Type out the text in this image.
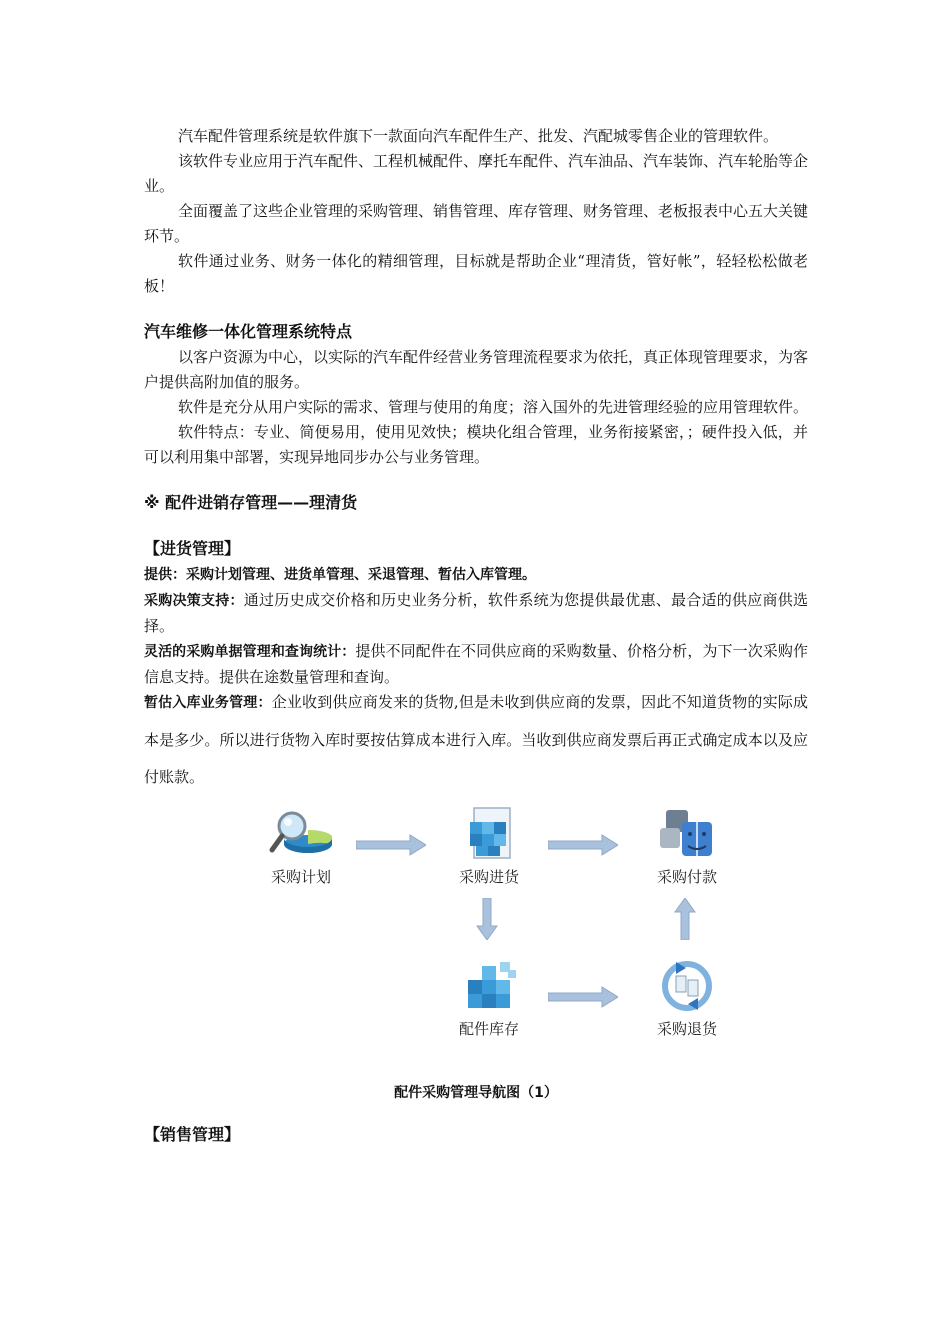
汽车配件管理系统是软件旗下一款面向汽车配件生产、批发、汽配城零售企业的管理软件。

该软件专业应用于汽车配件、工程机械配件、摩托车配件、汽车油品、汽车装饰、汽车轮胎等企业。

全面覆盖了这些企业管理的采购管理、销售管理、库存管理、财务管理、老板报表中心五大关键环节。

软件通过业务、财务一体化的精细管理，目标就是帮助企业“理清货，管好帐”，轻轻松松做老板！

汽车维修一体化管理系统特点

以客户资源为中心，以实际的汽车配件经营业务管理流程要求为依托，真正体现管理要求，为客户提供高附加值的服务。

软件是充分从用户实际的需求、管理与使用的角度；溶入国外的先进管理经验的应用管理软件。

软件特点：专业、简便易用，使用见效快；模块化组合管理，业务衔接紧密，；硬件投入低，并可以利用集中部署，实现异地同步办公与业务管理。

※ 配件进销存管理——理清货
【进货管理】

提供：采购计划管理、进货单管理、采退管理、暂估入库管理。

采购决策支持：通过历史成交价格和历史业务分析，软件系统为您提供最优惠、最合适的供应商供选择。

灵活的采购单据管理和查询统计：提供不同配件在不同供应商的采购数量、价格分析，为下一次采购作信息支持。提供在途数量管理和查询。

暂估入库业务管理：企业收到供应商发来的货物,但是未收到供应商的发票，因此不知道货物的实际成本是多少。所以进行货物入库时要按估算成本进行入库。当收到供应商发票后再正式确定成本以及应付账款。

采购计划	采购进货	采购付款
配件库存	采购退货
配件采购管理导航图（1）
【销售管理】
